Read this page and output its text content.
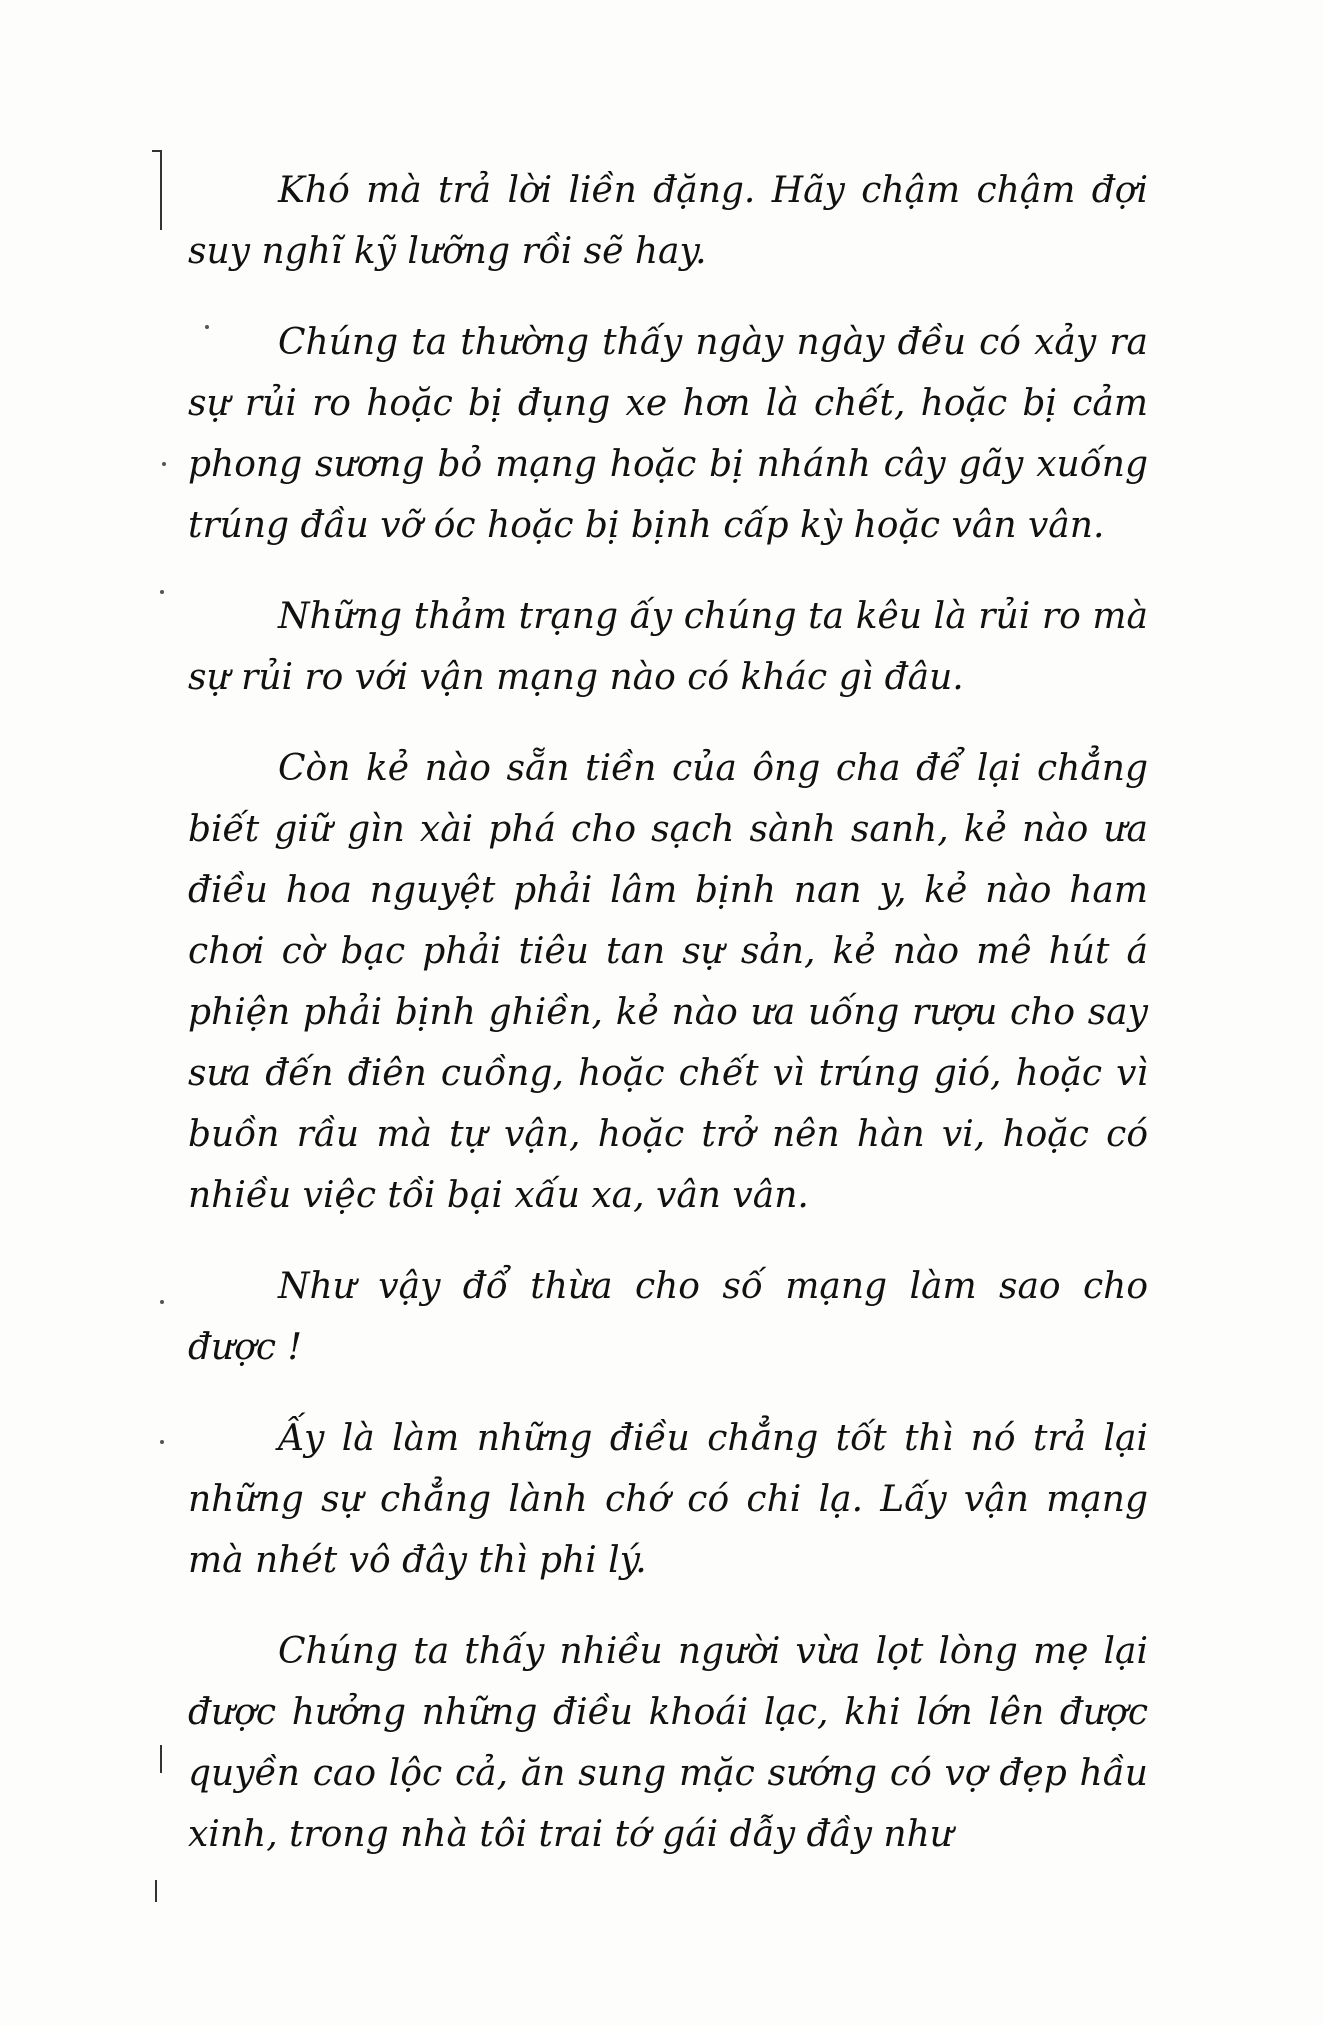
Khó mà trả lời liền đặng. Hãy chậm chậm đợi suy nghĩ kỹ lưỡng rồi sẽ hay.

Chúng ta thường thấy ngày ngày đều có xảy ra sự rủi ro hoặc bị đụng xe hơn là chết, hoặc bị cảm phong sương bỏ mạng hoặc bị nhánh cây gãy xuống trúng đầu vỡ óc hoặc bị bịnh cấp kỳ hoặc vân vân.

Những thảm trạng ấy chúng ta kêu là rủi ro mà sự rủi ro với vận mạng nào có khác gì đâu.

Còn kẻ nào sẵn tiền của ông cha để lại chẳng biết giữ gìn xài phá cho sạch sành sanh, kẻ nào ưa điều hoa nguyệt phải lâm bịnh nan y, kẻ nào ham chơi cờ bạc phải tiêu tan sự sản, kẻ nào mê hút á phiện phải bịnh ghiền, kẻ nào ưa uống rượu cho say sưa đến điên cuồng, hoặc chết vì trúng gió, hoặc vì buồn rầu mà tự vận, hoặc trở nên hàn vi, hoặc có nhiều việc tồi bại xấu xa, vân vân.

Như vậy đổ thừa cho số mạng làm sao cho được !

Ấy là làm những điều chẳng tốt thì nó trả lại những sự chẳng lành chớ có chi lạ. Lấy vận mạng mà nhét vô đây thì phi lý.

Chúng ta thấy nhiều người vừa lọt lòng mẹ lại được hưởng những điều khoái lạc, khi lớn lên được quyền cao lộc cả, ăn sung mặc sướng có vợ đẹp hầu xinh, trong nhà tôi trai tớ gái dẫy đầy như
